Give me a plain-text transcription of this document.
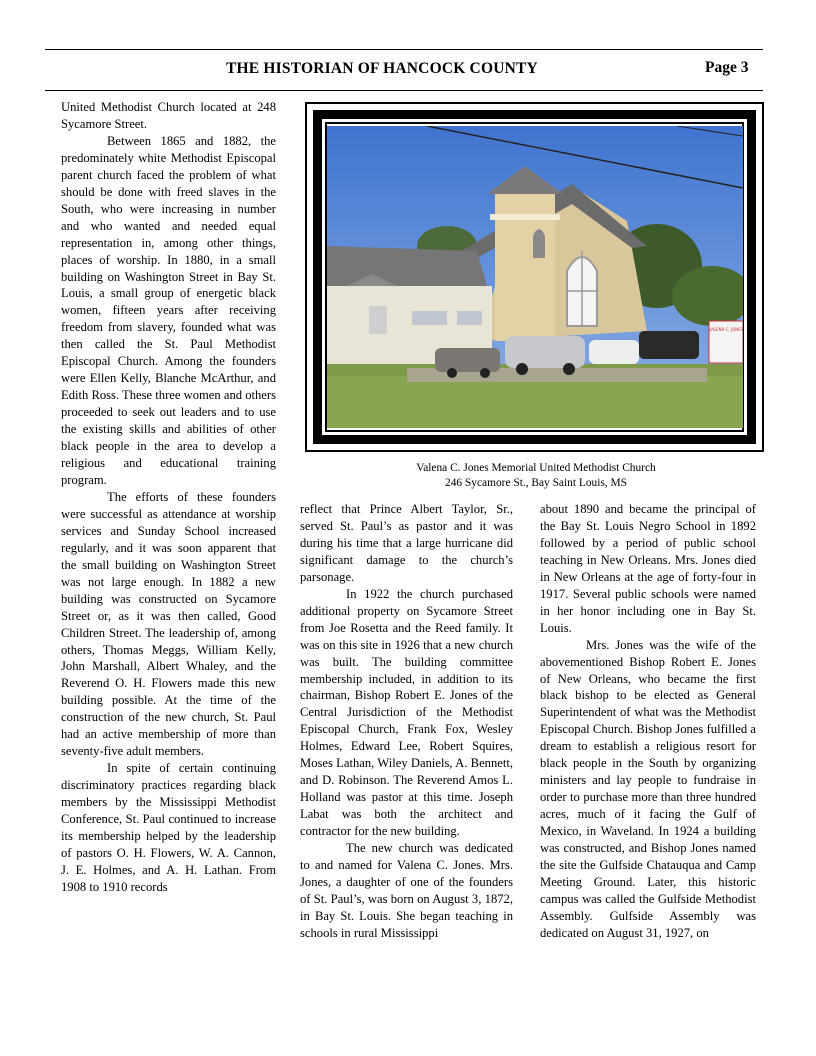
THE HISTORIAN OF HANCOCK COUNTY	Page 3

United Methodist Church located at 248 Sycamore Street.

Between 1865 and 1882, the predominately white Methodist Episcopal parent church faced the problem of what should be done with freed slaves in the South, who were increasing in number and who wanted and needed equal representation in, among other things, places of worship. In 1880, in a small building on Washington Street in Bay St. Louis, a small group of energetic black women, fifteen years after receiving freedom from slavery, founded what was then called the St. Paul Methodist Episcopal Church. Among the founders were Ellen Kelly, Blanche McArthur, and Edith Ross. These three women and others proceeded to seek out leaders and to use the existing skills and abilities of other black people in the area to develop a religious and educational training program.

The efforts of these founders were successful as attendance at worship services and Sunday School increased regularly, and it was soon apparent that the small building on Washington Street was not large enough. In 1882 a new building was constructed on Sycamore Street or, as it was then called, Good Children Street. The leadership of, among others, Thomas Meggs, William Kelly, John Marshall, Albert Whaley, and the Reverend O. H. Flowers made this new building possible. At the time of the construction of the new church, St. Paul had an active membership of more than seventy-five adult members.

In spite of certain continuing discriminatory practices regarding black members by the Mississippi Methodist Conference, St. Paul continued to increase its membership helped by the leadership of pastors O. H. Flowers, W. A. Cannon, J. E. Holmes, and A. H. Lathan. From 1908 to 1910 records

VALENA C. JONES
Valena C. Jones Memorial United Methodist Church
246 Sycamore St., Bay Saint Louis, MS

reflect that Prince Albert Taylor, Sr., served St. Paul’s as pastor and it was during his time that a large hurricane did significant damage to the church’s parsonage.

In 1922 the church purchased additional property on Sycamore Street from Joe Rosetta and the Reed family. It was on this site in 1926 that a new church was built. The building committee membership included, in addition to its chairman, Bishop Robert E. Jones of the Central Jurisdiction of the Methodist Episcopal Church, Frank Fox, Wesley Holmes, Edward Lee, Robert Squires, Moses Lathan, Wiley Daniels, A. Bennett, and D. Robinson. The Reverend Amos L. Holland was pastor at this time. Joseph Labat was both the architect and contractor for the new building.

The new church was dedicated to and named for Valena C. Jones. Mrs. Jones, a daughter of one of the founders of St. Paul’s, was born on August 3, 1872, in Bay St. Louis. She began teaching in schools in rural Mississippi

about 1890 and became the principal of the Bay St. Louis Negro School in 1892 followed by a period of public school teaching in New Orleans. Mrs. Jones died in New Orleans at the age of forty-four in 1917. Several public schools were named in her honor including one in Bay St. Louis.

Mrs. Jones was the wife of the abovementioned Bishop Robert E. Jones of New Orleans, who became the first black bishop to be elected as General Superintendent of what was the Methodist Episcopal Church. Bishop Jones fulfilled a dream to establish a religious resort for black people in the South by organizing ministers and lay people to fundraise in order to purchase more than three hundred acres, much of it facing the Gulf of Mexico, in Waveland. In 1924 a building was constructed, and Bishop Jones named the site the Gulfside Chatauqua and Camp Meeting Ground. Later, this historic campus was called the Gulfside Methodist Assembly. Gulfside Assembly was dedicated on August 31, 1927, on
